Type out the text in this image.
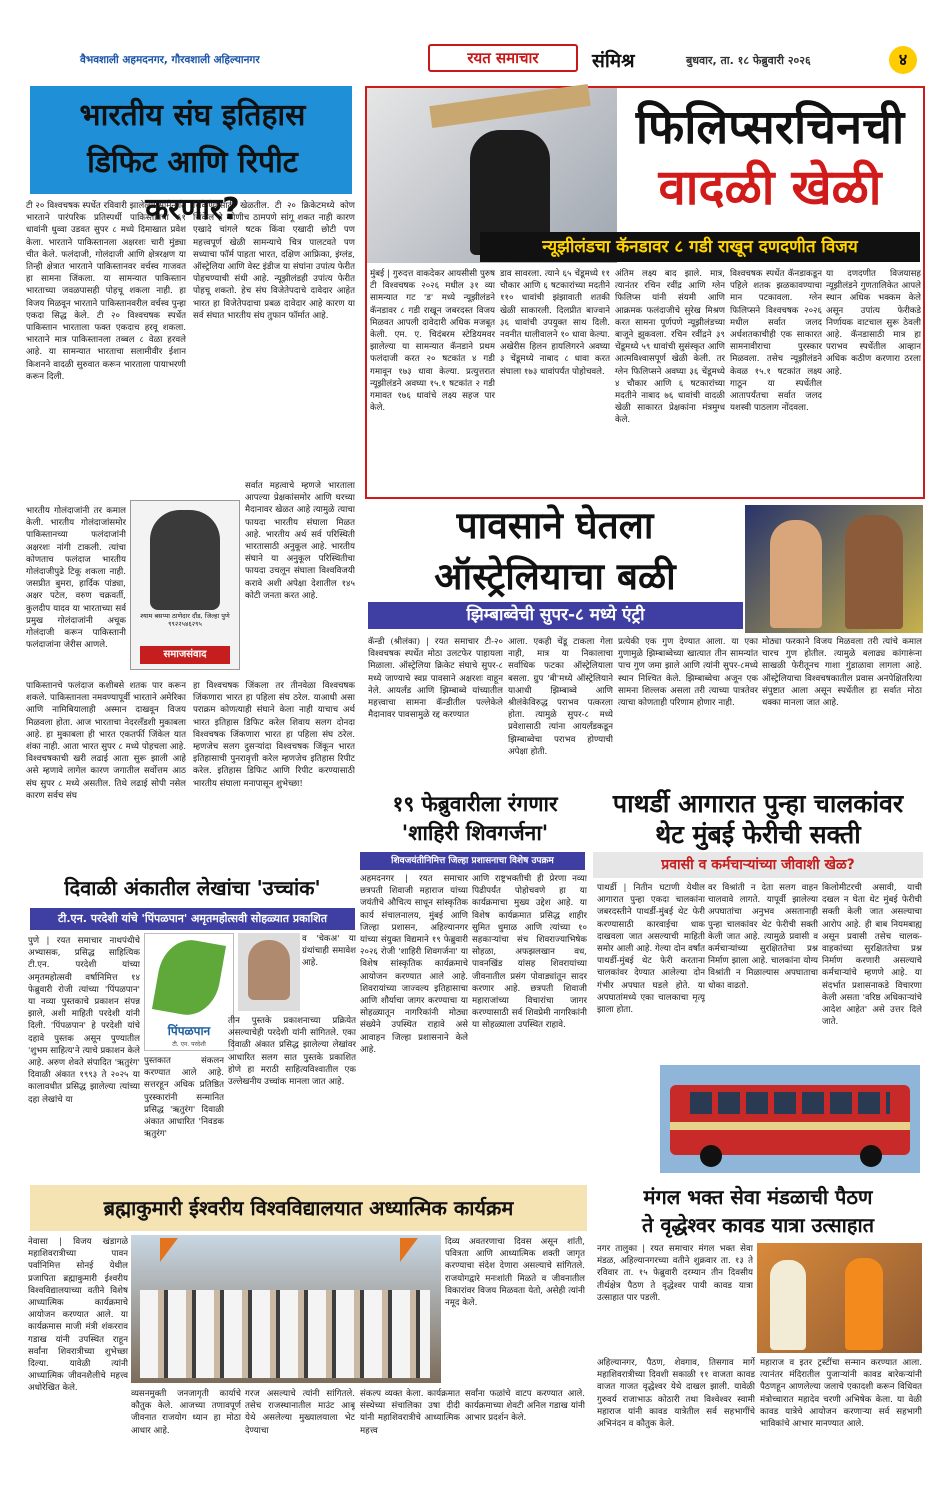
वैभवशाली अहमदनगर, गौरवशाली अहिल्यानगर	रयत समाचार	संमिश्र	बुधवार, ता. १८ फेब्रुवारी २०२६	४
भारतीय संघ इतिहास
डिफिट आणि रिपीट करणार?
टी २० विश्वचषक स्पर्धेत रविवारी झालेल्या सामन्यात भारताने पारंपरिक प्रतिस्पर्धी पाकिस्तानचा ६१ धावांनी धुव्वा उडवत सुपर ८ मध्ये दिमाखात प्रवेश केला. भारताने पाकिस्तानला अक्षरशः चारी मुंड्या चीत केले. फलंदाजी, गोलंदाजी आणि क्षेत्ररक्षण या तिन्ही क्षेत्रात भारताने पाकिस्तानवर वर्चस्व गाजवत हा सामना जिंकला. या सामन्यात पाकिस्तान भारताच्या जवळपासही पोहचू शकला नाही. हा विजय मिळवून भारताने पाकिस्तानवरील वर्चस्व पुन्हा एकदा सिद्ध केले. टी २० विश्वचषक स्पर्धेत पाकिस्तान भारताला फक्त एकदाच हरवू शकला. भारताने मात्र पाकिस्तानला तब्बल ८ वेळा हरवले आहे. या सामन्यात भारताचा सलामीवीर ईशान किशनने वादळी सुरुवात करून भारताला पायाभरणी करून दिली.
जिंकण्यासाठी खेळतील. टी २० क्रिकेटमध्ये कोण जिंकेल हे कोणीच ठामपणे सांगू शकत नाही कारण एखादे चांगले षटक किंवा एखादी छोटी पण महत्त्वपूर्ण खेळी सामन्याचे चित्र पालटवते पण सध्याचा फॉर्म पाहता भारत, दक्षिण आफ्रिका, इंग्लंड, ऑस्ट्रेलिया आणि वेस्ट इंडीज या संघांना उपांत्य फेरीत पोहचण्याची संधी आहे. न्यूझीलंडही उपांत्य फेरीत पोहचू शकतो. हेच संघ विजेतेपदाचे दावेदार आहेत भारत हा विजेतेपदाचा प्रबळ दावेदार आहे कारण या सर्व संघात भारतीय संघ तुफान फॉर्मात आहे.
भारतीय गोलंदाजांनी तर कमाल केली. भारतीय गोलंदाजांसमोर पाकिस्तानच्या फलंदाजांनी अक्षरशः नांगी टाकली. त्यांचा कोणताच फलंदाज भारतीय गोलंदाजीपुढे टिकू शकला नाही. जसप्रीत बुमरा, हार्दिक पांड्या, अक्षर पटेल, वरुण चक्रवर्ती, कुलदीप यादव या भारताच्या सर्व प्रमुख गोलंदाजांनी अचूक गोलंदाजी करून पाकिस्तानी फलंदाजांना जेरीस आणले.
श्याम बसप्पा ठाणेदार दौंड, जिल्हा पुणे ९९२२५४६२९५
समाजसंवाद
सर्वात महत्वाचे म्हणजे भारताला आपल्या प्रेक्षकांसमोर आणि घरच्या मैदानावर खेळत आहे त्यामुळे त्याचा फायदा भारतीय संघाला मिळत आहे. भारतीय अर्थ सर्व परिस्थिती भारतासाठी अनुकूल आहे. भारतीय संघाने या अनुकूल परिस्थितीचा फायदा उचलून संघाला विश्वविजयी करावे अशी अपेक्षा देशातील १४५ कोटी जनता करत आहे.
पाकिस्तानचे फलंदाज कशीबसे शतक पार करून शकले. पाकिस्तानला नमवण्यापूर्वी भारताने अमेरिका आणि नामिबियालाही अस्मान दाखवून विजय मिळवला होता. आज भारताचा नेदरलँडशी मुकाबला आहे. हा मुकाबला ही भारत एकतर्फी जिंकेल यात शंका नाही. आता भारत सुपर ८ मध्ये पोहचला आहे. विश्वचषकाची खरी लढाई आता सुरू झाली आहे असे म्हणावे लागेल कारण जगातील सर्वोत्तम आठ संघ सुपर ८ मध्ये असतील. तिथे लढाई सोपी नसेल कारण सर्वच संघ
हा विश्वचषक जिंकला तर तीनवेळा विश्वचषक जिंकणारा भारत हा पहिला संघ ठरेल. याआधी असा पराक्रम कोणत्याही संघाने केला नाही याचाच अर्थ भारत इतिहास डिफिट करेल शिवाय सलग दोनदा विश्वचषक जिंकणारा भारत हा पहिला संघ ठरेल. म्हणजेच सलग दुसऱ्यांदा विश्वचषक जिंकून भारत इतिहासाची पुनरावृत्ती करेल म्हणजेच इतिहास रिपीट करेल. इतिहास डिफिट आणि रिपीट करण्यासाठी भारतीय संघाला मनापासून शुभेच्छा!
फिलिप्सरचिनची
वादळी खेळी
न्यूझीलंडचा कॅनडावर ८ गडी राखून दणदणीत विजय
मुंबई | गुरुदत्त वाकदेकर आयसीसी पुरुष टी विश्वचषक २०२६ मधील ३१ व्या सामन्यात गट 'ड' मध्ये न्यूझीलंडने कॅनडावर ८ गडी राखून जबरदस्त विजय मिळवत आपली दावेदारी अधिक मजबूत केली. एम. ए. चिदंबरम स्टेडियमवर झालेल्या या सामन्यात कॅनडाने प्रथम फलंदाजी करत २० षटकांत ४ गडी गमावून १७३ धावा केल्या. प्रत्युत्तरात न्यूझीलंडने अवघ्या १५.१ षटकांत २ गडी गमावत १७६ धावांचे लक्ष्य सहज पार केले.
डाव सावरला. त्याने ६५ चेंडूमध्ये ११ चौकार आणि ६ षटकारांच्या मदतीने ११० धावांची झंझावाती शतकी खेळी साकारली. दिलप्रीत बाज्वाने ३६ धावांची उपयुक्त साथ दिली. नवनीत धालीवालने १० धावा केल्या. अखेरीस हिलन हायलिगरने अवघ्या ३ चेंडूमध्ये नाबाद ८ धावा करत संघाला १७३ धावांपर्यंत पोहोचवले.
अंतिम लक्ष्य बाद झाले. मात्र, त्यानंतर रचिन रवींद्र आणि ग्लेन फिलिप्स यांनी संयमी आणि आक्रमक फलंदाजीचे सुरेख मिश्रण करत सामना पूर्णपणे न्यूझीलंडच्या बाजूने झुकवला. रचिन रवींद्रने ३९ चेंडूमध्ये ५९ धावांची सुसंस्कृत आणि आत्मविश्वासपूर्ण खेळी केली. तर ग्लेन फिलिप्सने अवघ्या ३६ चेंडूमध्ये ४ चौकार आणि ६ षटकारांच्या मदतीने नाबाद ७६ धावांची वादळी खेळी साकारत प्रेक्षकांना मंत्रमुग्ध केले.
विश्वचषक स्पर्धेत कॅनडाकडून पहिले शतक झळकावण्याचा मान पटकावला. ग्लेन फिलिप्सने विश्वचषक २०२६ मधील सर्वात जलद अर्धशतकाचीही एक साकारत सामनावीराचा पुरस्कार मिळवला. तसेच न्यूझीलंडने केवळ १५.१ षटकांत लक्ष्य गाठून या स्पर्धेतील आतापर्यंतचा सर्वात जलद यशस्वी पाठलाग नोंदवला.
या दणदणीत विजयासह न्यूझीलंडने गुणतालिकेत आपले स्थान अधिक भक्कम केले असून उपांत्य फेरीकडे निर्णायक वाटचाल सुरू ठेवली आहे. कॅनडासाठी मात्र हा पराभव स्पर्धेतील आव्हान अधिक कठीण करणारा ठरला आहे.
पावसाने घेतला
ऑस्ट्रेलियाचा बळी
झिम्बाब्वेची सुपर-८ मध्ये एंट्री
कॅन्डी (श्रीलंका) | रयत समाचार टी-२० विश्वचषक स्पर्धेत मोठा उलटफेर पाहायला मिळाला. ऑस्ट्रेलिया क्रिकेट संघाचे सुपर-८ मध्ये जाण्याचे स्वप्न पावसाने अक्षरशः वाहून नेले. आयर्लंड आणि झिम्बाब्वे यांच्यातील महत्त्वाचा सामना कॅन्डीतील पल्लेकेले मैदानावर पावसामुळे रद्द करण्यात
आला. एकही चेंडू टाकला गेला नाही, मात्र या निकालाचा सर्वाधिक फटका ऑस्ट्रेलियाला बसला. ग्रुप 'बी'मध्ये ऑस्ट्रेलियाने याआधी झिम्बाब्वे आणि श्रीलंकेविरुद्ध पराभव पत्करला होता. त्यामुळे सुपर-८ मध्ये प्रवेशासाठी त्यांना आयर्लंडकडून झिम्बाब्वेचा पराभव होण्याची अपेक्षा होती.
प्रत्येकी एक गुण देण्यात आला. या एका गुणामुळे झिम्बाब्वेच्या खात्यात तीन सामन्यांत पाच गुण जमा झाले आणि त्यांनी सुपर-८मध्ये स्थान निश्चित केले. झिम्बाब्वेचा अजून एक सामना शिल्लक असला तरी त्याच्या पात्रतेवर त्याचा कोणताही परिणाम होणार नाही.
मोठ्या फरकाने विजय मिळवला तरी त्यांचे कमाल चारच गुण होतील. त्यामुळे बलाढ्य कांगारूंना साखळी फेरीतूनच गाशा गुंडाळावा लागला आहे. ऑस्ट्रेलियाचा विश्वचषकातील प्रवास अनपेक्षितरित्या संपुष्टात आला असून स्पर्धेतील हा सर्वात मोठा धक्का मानला जात आहे.
१९ फेब्रुवारीला रंगणार
'शाहिरी शिवगर्जना'
शिवजयंतीनिमित्त जिल्हा प्रशासनाचा विशेष उपक्रम
अहमदनगर | रयत समाचार छत्रपती शिवाजी महाराज यांच्या जयंतीचे औचित्य साधून सांस्कृतिक कार्य संचालनालय, मुंबई आणि जिल्हा प्रशासन, अहिल्यानगर यांच्या संयुक्त विद्यमाने १९ फेब्रुवारी २०२६ रोजी 'शाहिरी शिवगर्जना' या विशेष सांस्कृतिक कार्यक्रमाचे आयोजन करण्यात आले आहे. शिवरायांच्या जाज्वल्य इतिहासाचा आणि शौर्याचा जागर करण्याचा या सोहळ्यातून नागरिकांनी मोठ्या संख्येने उपस्थित राहावे असे आवाहन जिल्हा प्रशासनाने केले आहे.
आणि राष्ट्रभक्तीची ही प्रेरणा नव्या पिढीपर्यंत पोहोचवणे हा या कार्यक्रमाचा मुख्य उद्देश आहे. या विशेष कार्यक्रमात प्रसिद्ध शाहीर सुमित धुमाळ आणि त्यांच्या १० सहकाऱ्यांचा संच शिवराज्याभिषेक सोहळा, अफझलखान वध, पावनखिंड यांसह शिवरायांच्या जीवनातील प्रसंग पोवाड्यांतून सादर करणार आहे. छत्रपती शिवाजी महाराजांच्या विचारांचा जागर करण्यासाठी सर्व शिवप्रेमी नागरिकांनी या सोहळ्याला उपस्थित राहावे.
पाथर्डी आगारात पुन्हा चालकांवर
थेट मुंबई फेरीची सक्ती
प्रवासी व कर्मचाऱ्यांच्या जीवाशी खेळ?
पाथर्डी | नितीन घटाणी येथील आगारात पुन्हा एकदा चालकांना जबरदस्तीने पाथर्डी-मुंबई थेट फेरी करण्यासाठी कारवाईचा धाक दाखवला जात असल्याची माहिती समोर आली आहे. गेल्या दोन वर्षांत पाथर्डी-मुंबई थेट फेरी करताना चालकांवर देण्यात आलेल्या दोन गंभीर अपघात घडले होते. या अपघातांमध्ये एका चालकाचा मृत्यू झाला होता.
वर विश्रांती न देता सलग वाहन चालवावे लागते. यापूर्वी झालेल्या अपघातांचा अनुभव असतानाही पुन्हा चालकांवर थेट फेरीची सक्ती केली जात आहे. त्यामुळे प्रवासी व कर्मचाऱ्यांच्या सुरक्षिततेचा प्रश्न निर्माण झाला आहे. चालकांना योग्य विश्रांती न मिळाल्यास अपघाताचा धोका वाढतो.
किलोमीटरची असावी, याची दखल न घेता थेट मुंबई फेरीची सक्ती केली जात असल्याचा आरोप आहे. ही बाब नियमबाह्य असून प्रवासी तसेच चालक-वाहकांच्या सुरक्षिततेचा प्रश्न निर्माण करणारी असल्याचे कर्मचाऱ्यांचे म्हणणे आहे. या संदर्भात प्रशासनाकडे विचारणा केली असता 'वरिष्ठ अधिकाऱ्यांचे आदेश आहेत' असे उत्तर दिले जाते.
दिवाळी अंकातील लेखांचा 'उच्चांक'
टी.एन. परदेशी यांचे 'पिंपळपान' अमृतमहोत्सवी सोहळ्यात प्रकाशित
पुणे | रयत समाचार नाथपंथीचे अभ्यासक, प्रसिद्ध साहित्यिक टी.एन. परदेशी यांच्या अमृतमहोत्सवी वर्षानिमित्त १४ फेब्रुवारी रोजी त्यांच्या 'पिंपळपान' या नव्या पुस्तकाचे प्रकाशन संपन्न झाले, अशी माहिती परदेशी यांनी दिली. 'पिंपळपान' हे परदेशी यांचे दहावे पुस्तक असून पुण्यातील 'शुभम साहित्य'ने त्याचे प्रकाशन केले आहे. अरुण शेवते संपादित 'ऋतुरंग' दिवाळी अंकात १९९३ ते २०२५ या कालावधीत प्रसिद्ध झालेल्या त्यांच्या दहा लेखांचे या
पिंपळपान
टी. एन. परदेशी
व 'चेकअ' या ग्रंथांचाही समावेश आहे.
पुस्तकात संकलन करण्यात आले आहे. सत्तरहून अधिक प्रतिष्ठित पुरस्कारांनी सन्मानित प्रसिद्ध 'ऋतुरंग' दिवाळी अंकात आधारित 'निवडक ऋतुरंग'
तीन पुस्तके प्रकाशनाच्या प्रक्रियेत असल्याचेही परदेशी यांनी सांगितले. एका दिवाळी अंकात प्रसिद्ध झालेल्या लेखांवर आधारित सलग सात पुस्तके प्रकाशित होणे हा मराठी साहित्यविश्वातील एक उल्लेखनीय उच्चांक मानला जात आहे.
ब्रह्माकुमारी ईश्वरीय विश्वविद्यालयात अध्यात्मिक कार्यक्रम
नेवासा | विजय खंडागळे महाशिवरात्रीच्या पावन पर्वानिमित्त सोनई येथील प्रजापिता ब्रह्माकुमारी ईश्वरीय विश्वविद्यालयाच्या वतीने विशेष आध्यात्मिक कार्यक्रमाचे आयोजन करण्यात आले. या कार्यक्रमास माजी मंत्री शंकरराव गडाख यांनी उपस्थित राहून सर्वांना शिवरात्रीच्या शुभेच्छा दिल्या. यावेळी त्यांनी आध्यात्मिक जीवनशैलीचे महत्त्व अधोरेखित केले.
दिव्य अवतरणाचा दिवस असून शांती, पवित्रता आणि आध्यात्मिक शक्ती जागृत करण्याचा संदेश देणारा असल्याचे सांगितले. राजयोगद्वारे मनःशांती मिळते व जीवनातील विकारांवर विजय मिळवता येतो, असेही त्यांनी नमूद केले.
व्यसनमुक्ती जनजागृती कार्याचे कौतुक केले. आजच्या तणावपूर्ण जीवनात राजयोग ध्यान हा मोठा आधार आहे.
गरज असल्याचे त्यांनी सांगितले. तसेच राजस्थानातील माउंट आबू येथे असलेल्या मुख्यालयाला भेट देण्याचा
संकल्प व्यक्त केला. कार्यक्रमात संस्थेच्या संचालिका उषा दीदी यांनी महाशिवरात्रीचे आध्यात्मिक महत्त्व
सर्वांना फळांचे वाटप करण्यात आले. कार्यक्रमाच्या शेवटी अनिल गडाख यांनी आभार प्रदर्शन केले.
मंगल भक्त सेवा मंडळाची पैठण
ते वृद्धेश्वर कावड यात्रा उत्साहात
नगर तालुका | रयत समाचार मंगल भक्त सेवा मंडळ, अहिल्यानगरच्या वतीने शुक्रवार ता. १३ ते रविवार ता. १५ फेब्रुवारी दरम्यान तीन दिवसीय तीर्थक्षेत्र पैठण ते वृद्धेश्वर पायी कावड यात्रा उत्साहात पार पडली.
अहिल्यानगर, पैठण, शेवगाव, तिसगाव मार्गे महाशिवरात्रीच्या दिवशी सकाळी ११ वाजता कावड वाजत गाजत वृद्धेश्वर येथे दाखल झाली. यावेळी गुरुवर्य राजाभाऊ कोठारी तथा विश्वेश्वर स्वामी महाराज यांनी कावड यात्रेतील सर्व सहभागींचे अभिनंदन व कौतुक केले.
महाराज व इतर ट्रस्टींचा सन्मान करण्यात आला. त्यानंतर मंदिरातील पुजाऱ्यांनी कावड बारेकऱ्यांनी पैठणहून आणलेल्या जलाचे एकादशी करून विधिवत मंत्रोच्चारात महादेव चरणी अभिषेक केला. या वेळी कावड यात्रेचे आयोजन करणाऱ्या सर्व सहभागी भाविकांचे आभार मानण्यात आले.
